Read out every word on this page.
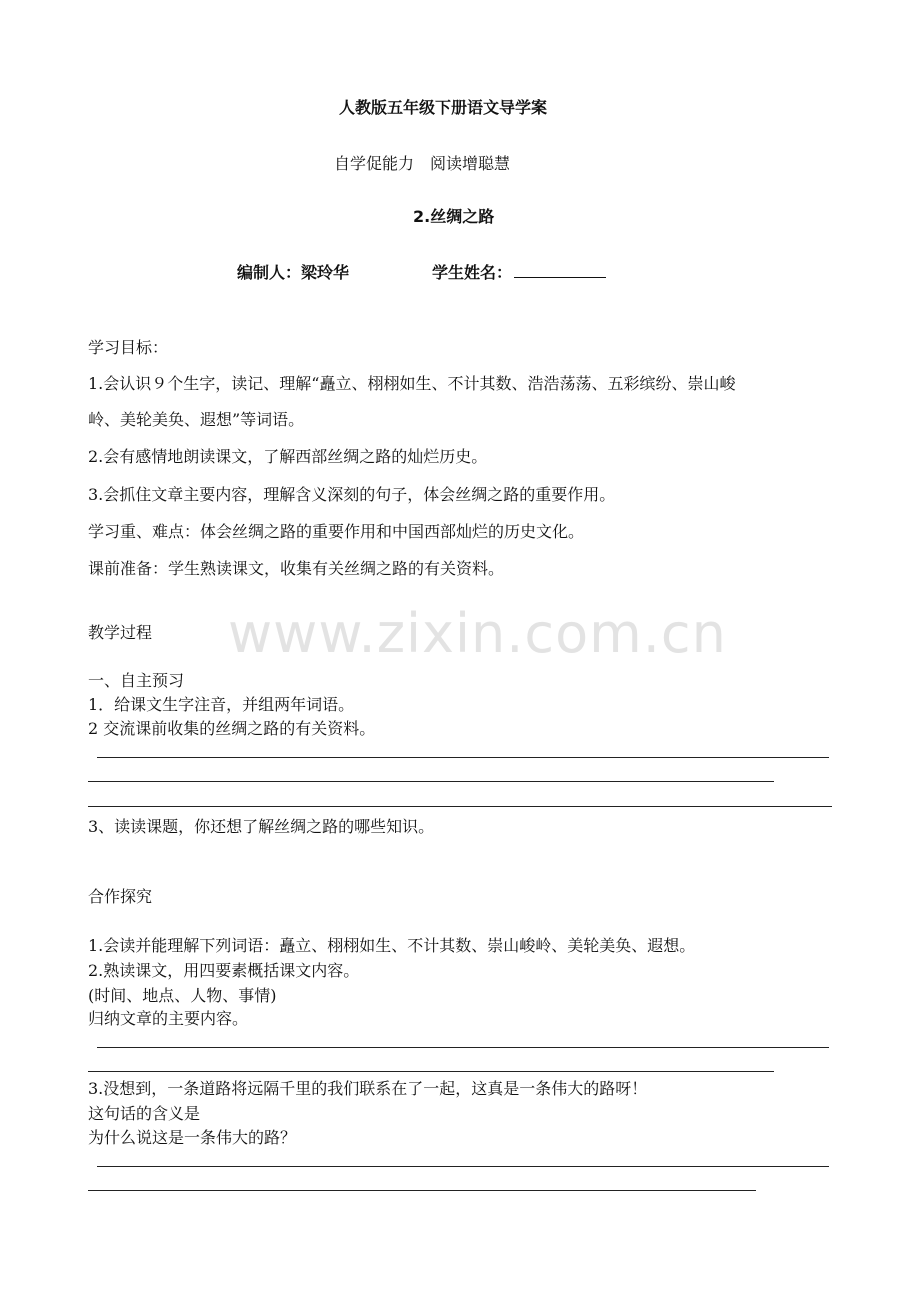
www.zixin.com.cn
人教版五年级下册语文导学案
自学促能力　阅读增聪慧
2.丝绸之路
编制人：梁玲华	学生姓名：
学习目标：
1.会认识９个生字，读记、理解“矗立、栩栩如生、不计其数、浩浩荡荡、五彩缤纷、崇山峻
岭、美轮美奂、遐想”等词语。
2.会有感情地朗读课文，了解西部丝绸之路的灿烂历史。
3.会抓住文章主要内容，理解含义深刻的句子，体会丝绸之路的重要作用。
学习重、难点：体会丝绸之路的重要作用和中国西部灿烂的历史文化。
课前准备：学生熟读课文，收集有关丝绸之路的有关资料。
教学过程
一、自主预习
1．给课文生字注音，并组两年词语。
2 交流课前收集的丝绸之路的有关资料。
3、读读课题，你还想了解丝绸之路的哪些知识。
合作探究
1.会读并能理解下列词语：矗立、栩栩如生、不计其数、崇山峻岭、美轮美奂、遐想。
2.熟读课文，用四要素概括课文内容。
(时间、地点、人物、事情)
归纳文章的主要内容。
3.没想到，一条道路将远隔千里的我们联系在了一起，这真是一条伟大的路呀！
这句话的含义是
为什么说这是一条伟大的路？
